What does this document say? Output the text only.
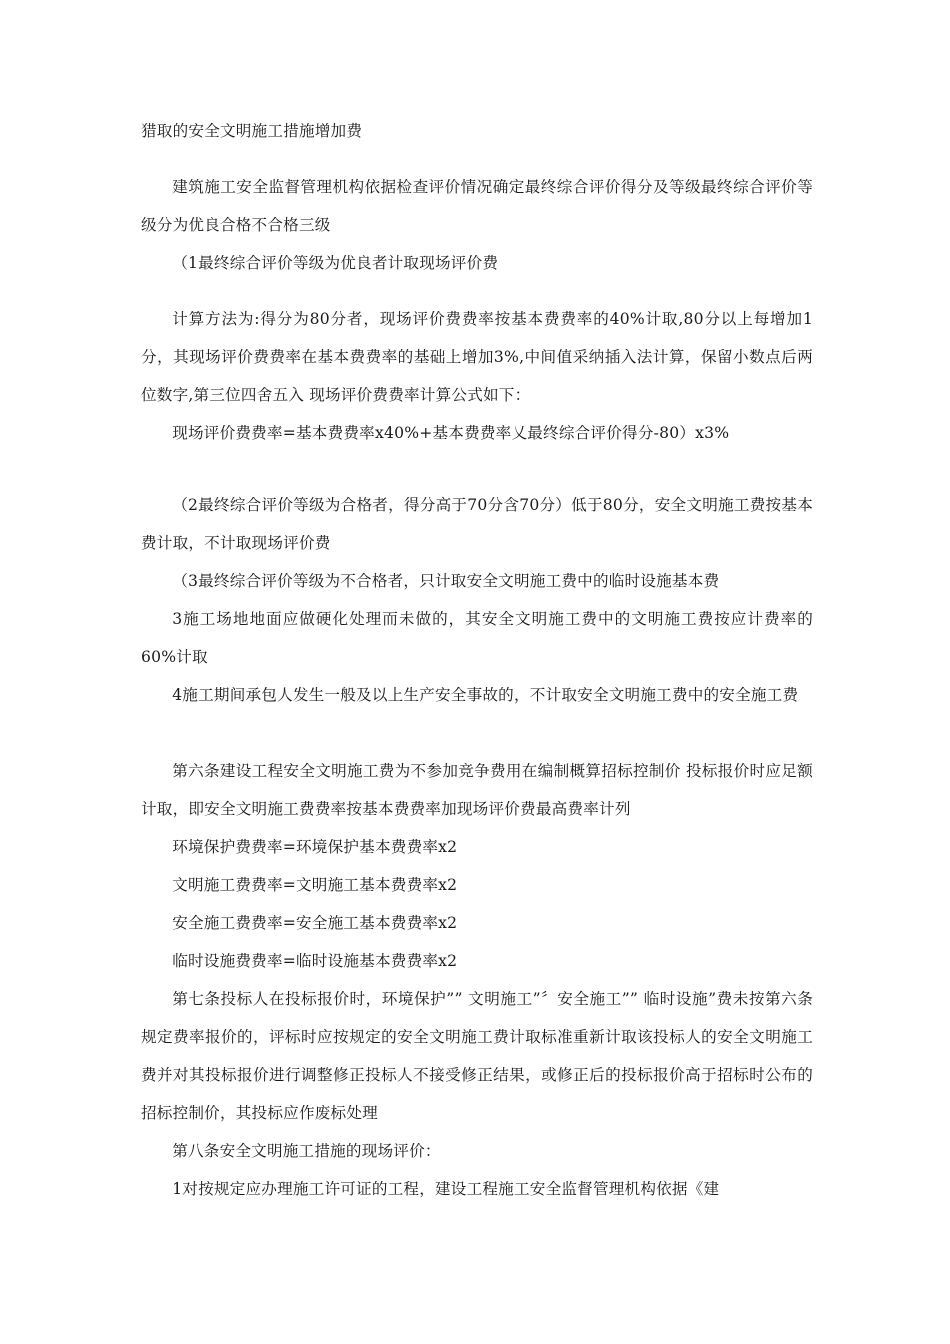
猎取的安全文明施工措施增加费

建筑施工安全监督管理机构依据检查评价情况确定最终综合评价得分及等级最终综合评价等级分为优良合格不合格三级

（1最终综合评价等级为优良者计取现场评价费

计算方法为:得分为80分者，现场评价费费率按基本费费率的40%计取,80分以上每增加1分，其现场评价费费率在基本费费率的基础上增加3%,中间值采纳插入法计算，保留小数点后两位数字,第三位四舍五入 现场评价费费率计算公式如下：

现场评价费费率=基本费费率x40%+基本费费率乂最终综合评价得分-80）x3%

（2最终综合评价等级为合格者，得分高于70分含70分）低于80分，安全文明施工费按基本费计取，不计取现场评价费

（3最终综合评价等级为不合格者，只计取安全文明施工费中的临时设施基本费

3施工场地地面应做硬化处理而未做的，其安全文明施工费中的文明施工费按应计费率的60%计取

4施工期间承包人发生一般及以上生产安全事故的，不计取安全文明施工费中的安全施工费

第六条建设工程安全文明施工费为不参加竞争费用在编制概算招标控制价 投标报价时应足额计取，即安全文明施工费费率按基本费费率加现场评价费最高费率计列

环境保护费费率=环境保护基本费费率x2

文明施工费费率=文明施工基本费费率x2

安全施工费费率=安全施工基本费费率x2

临时设施费费率=临时设施基本费费率x2

第七条投标人在投标报价时，环境保护”” 文明施工”〞安全施工”” 临时设施”费未按第六条规定费率报价的，评标时应按规定的安全文明施工费计取标准重新计取该投标人的安全文明施工费并对其投标报价进行调整修正投标人不接受修正结果，或修正后的投标报价高于招标时公布的招标控制价，其投标应作废标处理

第八条安全文明施工措施的现场评价：

1对按规定应办理施工许可证的工程，建设工程施工安全监督管理机构依据《建
